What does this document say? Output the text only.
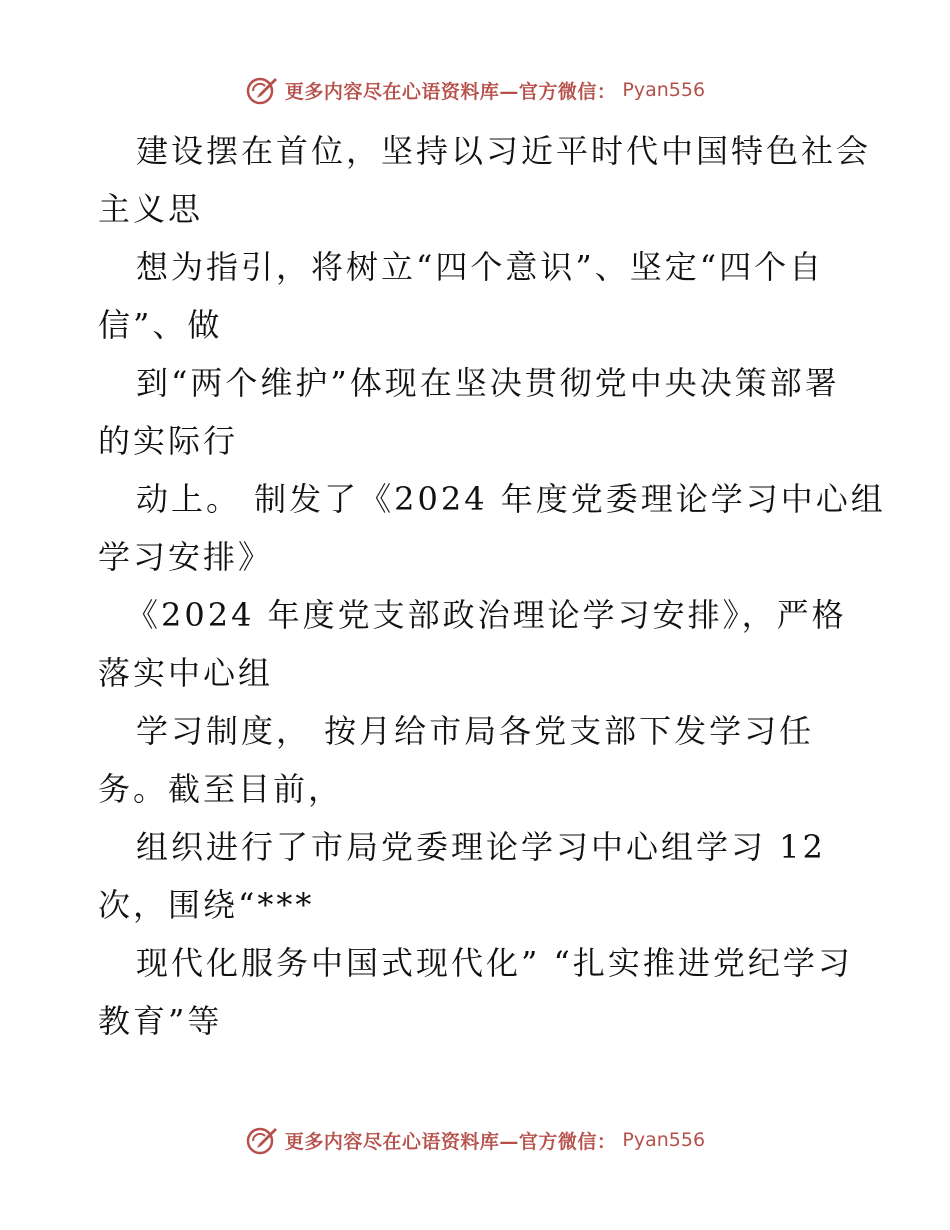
更多内容尽在心语资料库—官方微信： Pyan556
建设摆在首位，坚持以习近平时代中国特色社会
主义思
想为指引，将树立“四个意识”、坚定“四个自
信”、做
到“两个维护”体现在坚决贯彻党中央决策部署
的实际行
动上。 制发了《2024 年度党委理论学习中心组
学习安排》
《2024 年度党支部政治理论学习安排》，严格
落实中心组
学习制度， 按月给市局各党支部下发学习任
务。截至目前，
组织进行了市局党委理论学习中心组学习 12
次，围绕“***
现代化服务中国式现代化” “扎实推进党纪学习
教育”等
更多内容尽在心语资料库—官方微信： Pyan556
